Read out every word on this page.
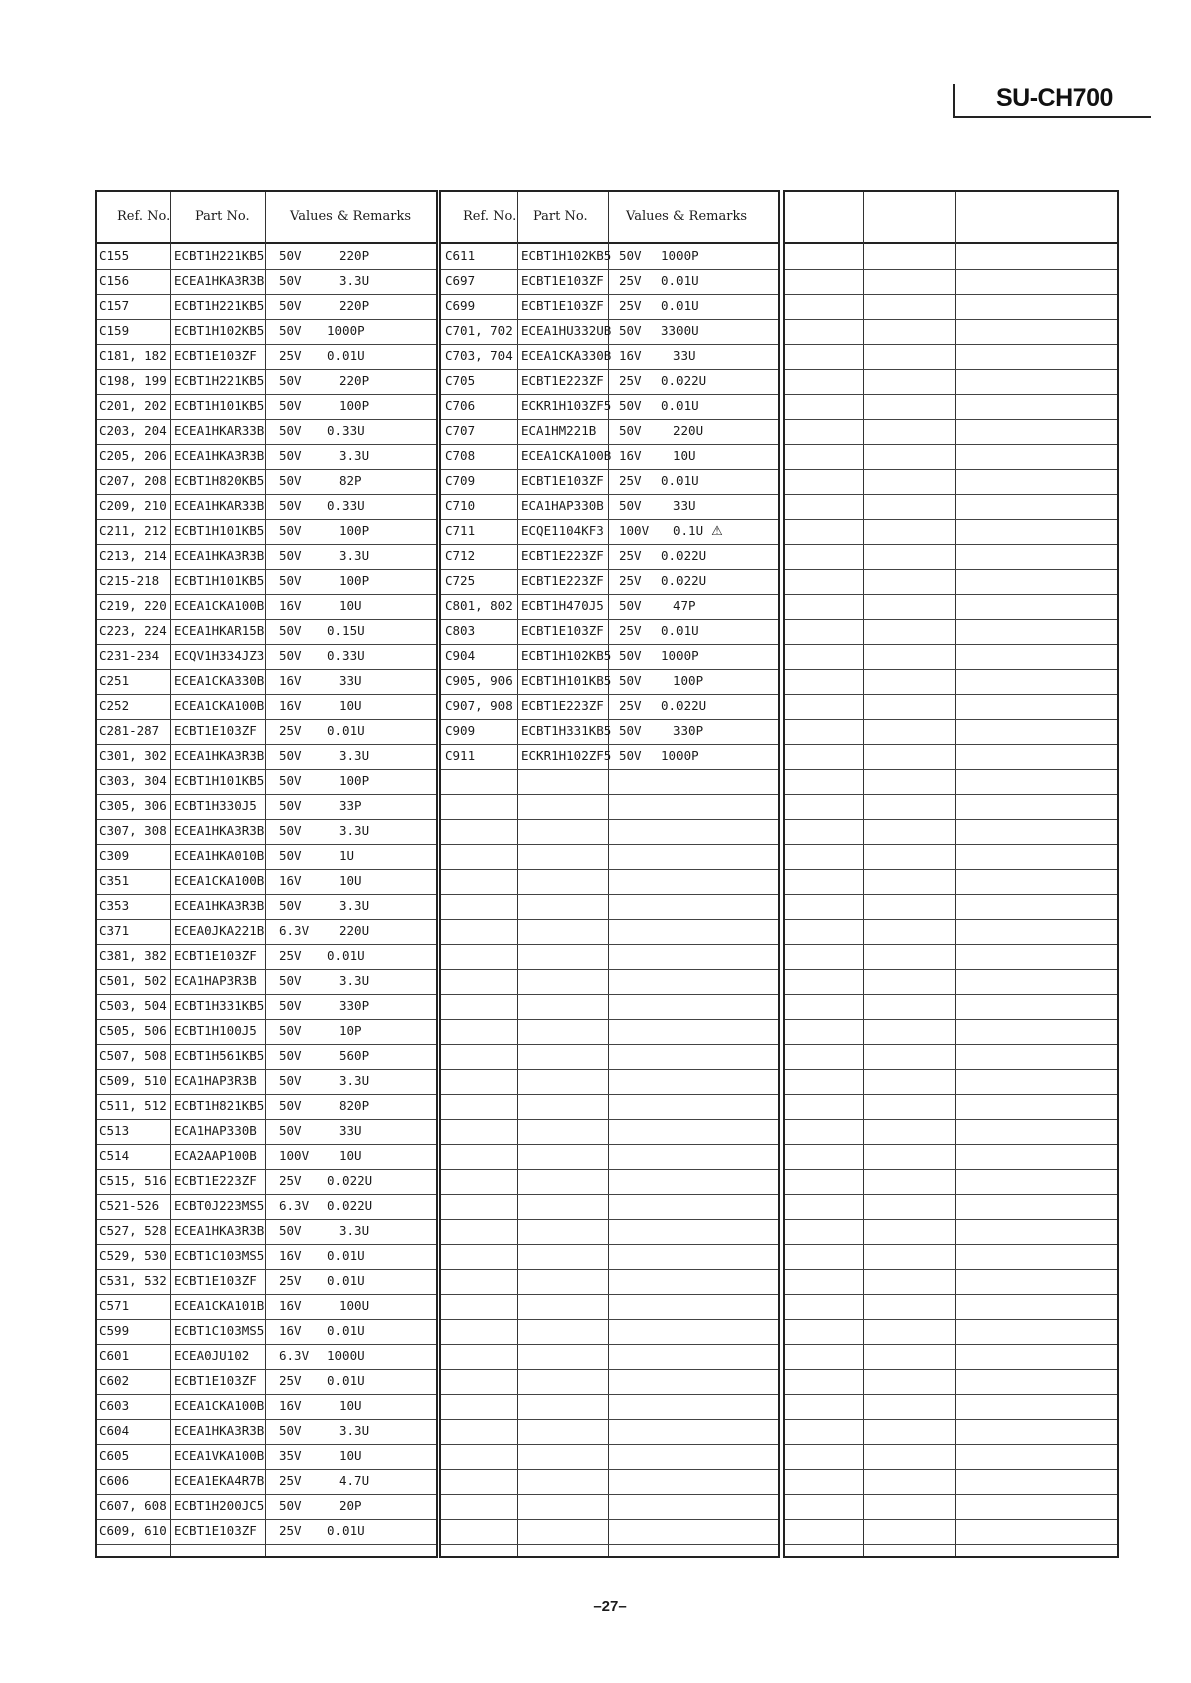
SU-CH700
Ref. No. Part No.	Values & Remarks
C155	ECBT1H221KB5 50V	220P
C156	ECEA1HKA3R3B 50V	3.3U
C157	ECBT1H221KB5 50V	220P
C159	ECBT1H102KB5 50V 1000P
C181, 182 ECBT1E103ZF 25V 0.01U
C198, 199 ECBT1H221KB5 50V	220P
C201, 202 ECBT1H101KB5 50V	100P
C203, 204 ECEA1HKAR33B 50V 0.33U
C205, 206 ECEA1HKA3R3B 50V	3.3U
C207, 208 ECBT1H820KB5 50V	82P
C209, 210 ECEA1HKAR33B 50V 0.33U
C211, 212 ECBT1H101KB5 50V	100P
C213, 214 ECEA1HKA3R3B 50V	3.3U
C215-218 ECBT1H101KB5 50V	100P
C219, 220 ECEA1CKA100B 16V	10U
C223, 224 ECEA1HKAR15B 50V 0.15U
C231-234 ECQV1H334JZ3 50V 0.33U
C251	ECEA1CKA330B 16V	33U
C252	ECEA1CKA100B 16V	10U
C281-287 ECBT1E103ZF 25V 0.01U
C301, 302 ECEA1HKA3R3B 50V	3.3U
C303, 304 ECBT1H101KB5 50V	100P
C305, 306 ECBT1H330J5 50V	33P
C307, 308 ECEA1HKA3R3B 50V	3.3U
C309	ECEA1HKA010B 50V	1U
C351	ECEA1CKA100B 16V	10U
C353	ECEA1HKA3R3B 50V	3.3U
C371	ECEA0JKA221B 6.3V 220U
C381, 382 ECBT1E103ZF 25V 0.01U
C501, 502 ECA1HAP3R3B 50V	3.3U
C503, 504 ECBT1H331KB5 50V	330P
C505, 506 ECBT1H100J5 50V	10P
C507, 508 ECBT1H561KB5 50V	560P
C509, 510 ECA1HAP3R3B 50V	3.3U
C511, 512 ECBT1H821KB5 50V	820P
C513	ECA1HAP330B 50V	33U
C514	ECA2AAP100B 100V 10U
C515, 516 ECBT1E223ZF 25V 0.022U
C521-526 ECBT0J223MS5 6.3V 0.022U
C527, 528 ECEA1HKA3R3B 50V	3.3U
C529, 530 ECBT1C103MS5 16V 0.01U
C531, 532 ECBT1E103ZF 25V 0.01U
C571	ECEA1CKA101B 16V	100U
C599	ECBT1C103MS5 16V 0.01U
C601	ECEA0JU102 6.3V 1000U
C602	ECBT1E103ZF 25V 0.01U
C603	ECEA1CKA100B 16V	10U
C604	ECEA1HKA3R3B 50V	3.3U
C605	ECEA1VKA100B 35V	10U
C606	ECEA1EKA4R7B 25V	4.7U
C607, 608 ECBT1H200JC5 50V	20P
C609, 610 ECBT1E103ZF 25V 0.01U
Ref. No. Part No.	Values & Remarks
C611	ECBT1H102KB5 50V 1000P
C697	ECBT1E103ZF 25V 0.01U
C699	ECBT1E103ZF 25V 0.01U
C701, 702 ECEA1HU332UB 50V 3300U
C703, 704 ECEA1CKA330B 16V	33U
C705	ECBT1E223ZF 25V 0.022U
C706	ECKR1H103ZF5 50V 0.01U
C707	ECA1HM221B 50V	220U
C708	ECEA1CKA100B 16V	10U
C709	ECBT1E103ZF 25V 0.01U
C710	ECA1HAP330B 50V	33U
C711	ECQE1104KF3 100V 0.1U ⚠
C712	ECBT1E223ZF 25V 0.022U
C725	ECBT1E223ZF 25V 0.022U
C801, 802 ECBT1H470J5 50V	47P
C803	ECBT1E103ZF 25V 0.01U
C904	ECBT1H102KB5 50V 1000P
C905, 906 ECBT1H101KB5 50V	100P
C907, 908 ECBT1E223ZF 25V 0.022U
C909	ECBT1H331KB5 50V	330P
C911	ECKR1H102ZF5 50V 1000P
–27–
